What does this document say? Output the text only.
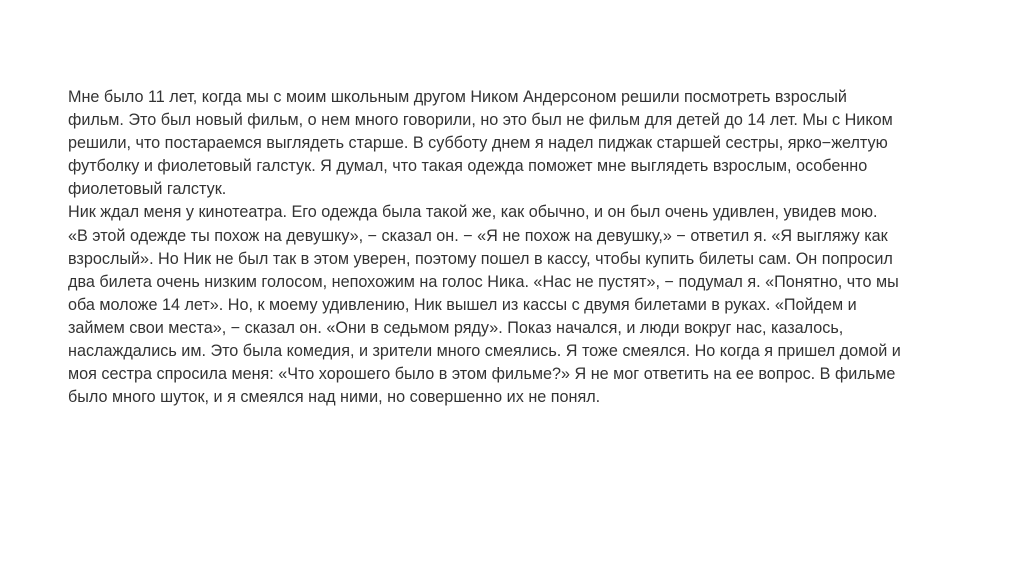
Мне было 11 лет, когда мы с моим школьным другом Ником Андерсоном решили посмотреть взрослый
фильм. Это был новый фильм, о нем много говорили, но это был не фильм для детей до 14 лет. Мы с Ником
решили, что постараемся выглядеть старше. В субботу днем я надел пиджак старшей сестры, ярко−желтую
футболку и фиолетовый галстук. Я думал, что такая одежда поможет мне выглядеть взрослым, особенно
фиолетовый галстук.
Ник ждал меня у кинотеатра. Его одежда была такой же, как обычно, и он был очень удивлен, увидев мою.
«В этой одежде ты похож на девушку», − сказал он. − «Я не похож на девушку,» − ответил я. «Я выгляжу как
взрослый». Но Ник не был так в этом уверен, поэтому пошел в кассу, чтобы купить билеты сам. Он попросил
два билета очень низким голосом, непохожим на голос Ника. «Нас не пустят», − подумал я. «Понятно, что мы
оба моложе 14 лет». Но, к моему удивлению, Ник вышел из кассы с двумя билетами в руках. «Пойдем и
займем свои места», − сказал он. «Они в седьмом ряду». Показ начался, и люди вокруг нас, казалось,
наслаждались им. Это была комедия, и зрители много смеялись. Я тоже смеялся. Но когда я пришел домой и
моя сестра спросила меня: «Что хорошего было в этом фильме?» Я не мог ответить на ее вопрос. В фильме
было много шуток, и я смеялся над ними, но совершенно их не понял.
